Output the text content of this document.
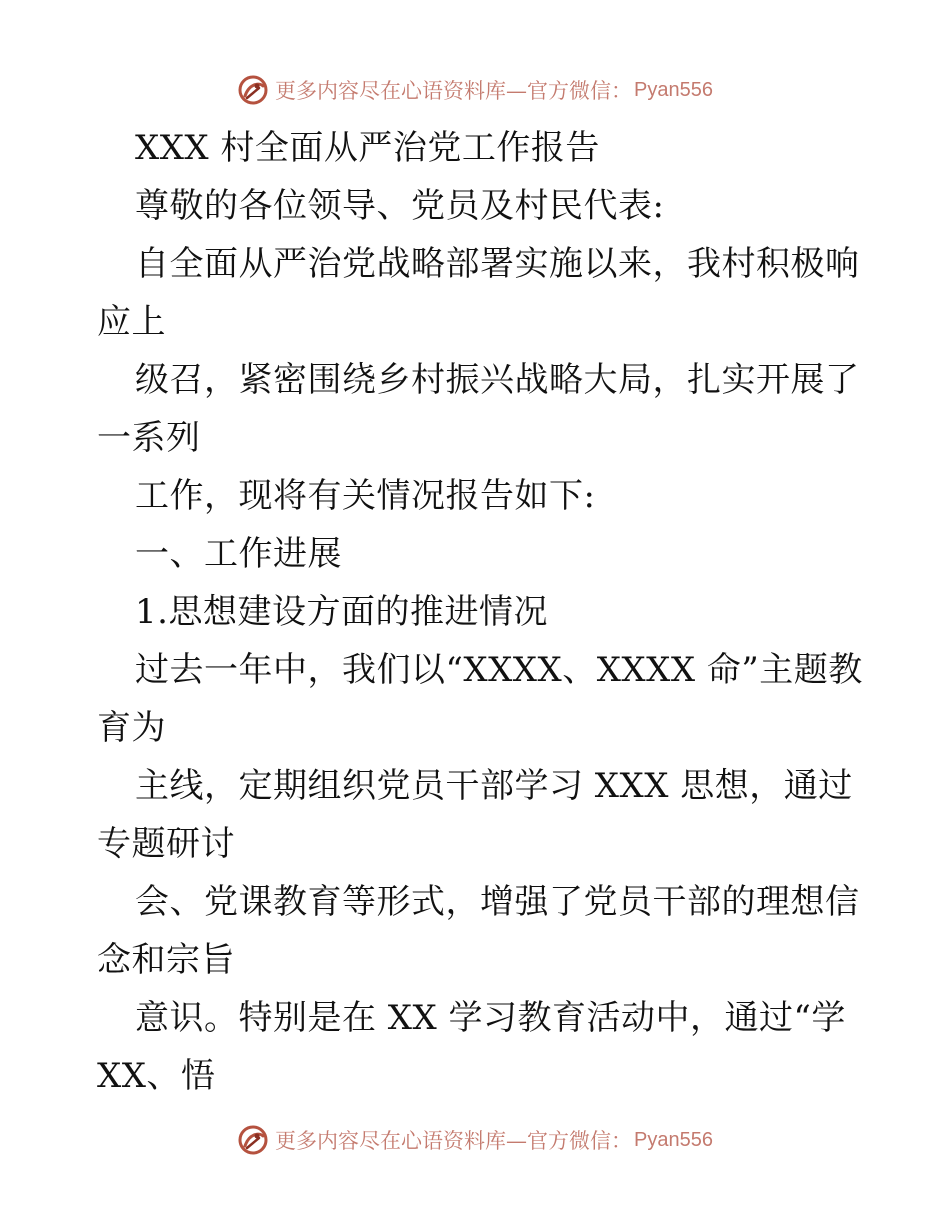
更多内容尽在心语资料库—官方微信： Pyan556
XXX 村全面从严治党工作报告
尊敬的各位领导、党员及村民代表:
自全面从严治党战略部署实施以来，我村积极响
应上
级召，紧密围绕乡村振兴战略大局，扎实开展了
一系列
工作，现将有关情况报告如下:
一、工作进展
1.思想建设方面的推进情况
过去一年中，我们以“XXXX、XXXX 命”主题教
育为
主线，定期组织党员干部学习 XXX 思想，通过
专题研讨
会、党课教育等形式，增强了党员干部的理想信
念和宗旨
意识。特别是在 XX 学习教育活动中，通过“学
XX、悟
更多内容尽在心语资料库—官方微信： Pyan556
